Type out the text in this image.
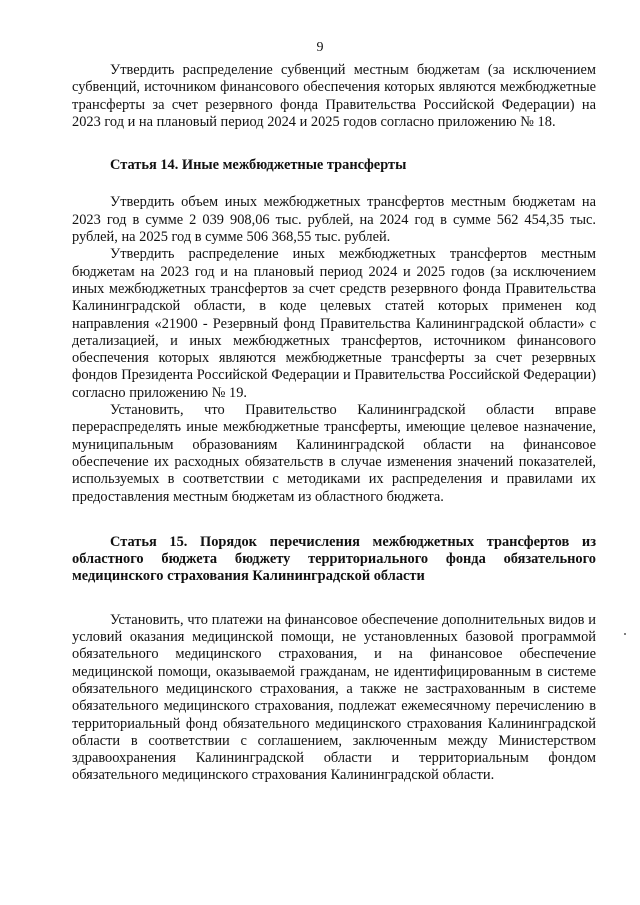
9

Утвердить распределение субвенций местным бюджетам (за исключением субвенций, источником финансового обеспечения которых являются межбюджетные трансферты за счет резервного фонда Правительства Российской Федерации) на 2023 год и на плановый период 2024 и 2025 годов согласно приложению № 18.

Статья 14. Иные межбюджетные трансферты

Утвердить объем иных межбюджетных трансфертов местным бюджетам на 2023 год в сумме 2 039 908,06 тыс. рублей, на 2024 год в сумме 562 454,35 тыс. рублей, на 2025 год в сумме 506 368,55 тыс. рублей.

Утвердить распределение иных межбюджетных трансфертов местным бюджетам на 2023 год и на плановый период 2024 и 2025 годов (за исключением иных межбюджетных трансфертов за счет средств резервного фонда Правительства Калининградской области, в коде целевых статей которых применен код направления «21900 - Резервный фонд Правительства Калининградской области» с детализацией, и иных межбюджетных трансфертов, источником финансового обеспечения которых являются межбюджетные трансферты за счет резервных фондов Президента Российской Федерации и Правительства Российской Федерации) согласно приложению № 19.

Установить, что Правительство Калининградской области вправе перераспределять иные межбюджетные трансферты, имеющие целевое назначение, муниципальным образованиям Калининградской области на финансовое обеспечение их расходных обязательств в случае изменения значений показателей, используемых в соответствии с методиками их распределения и правилами их предоставления местным бюджетам из областного бюджета.

Статья 15. Порядок перечисления межбюджетных трансфертов из областного бюджета бюджету территориального фонда обязательного медицинского страхования Калининградской области

Установить, что платежи на финансовое обеспечение дополнительных видов и условий оказания медицинской помощи, не установленных базовой программой обязательного медицинского страхования, и на финансовое обеспечение медицинской помощи, оказываемой гражданам, не идентифицированным в системе обязательного медицинского страхования, а также не застрахованным в системе обязательного медицинского страхования, подлежат ежемесячному перечислению в территориальный фонд обязательного медицинского страхования Калининградской области в соответствии с соглашением, заключенным между Министерством здравоохранения Калининградской области и территориальным фондом обязательного медицинского страхования Калининградской области.
